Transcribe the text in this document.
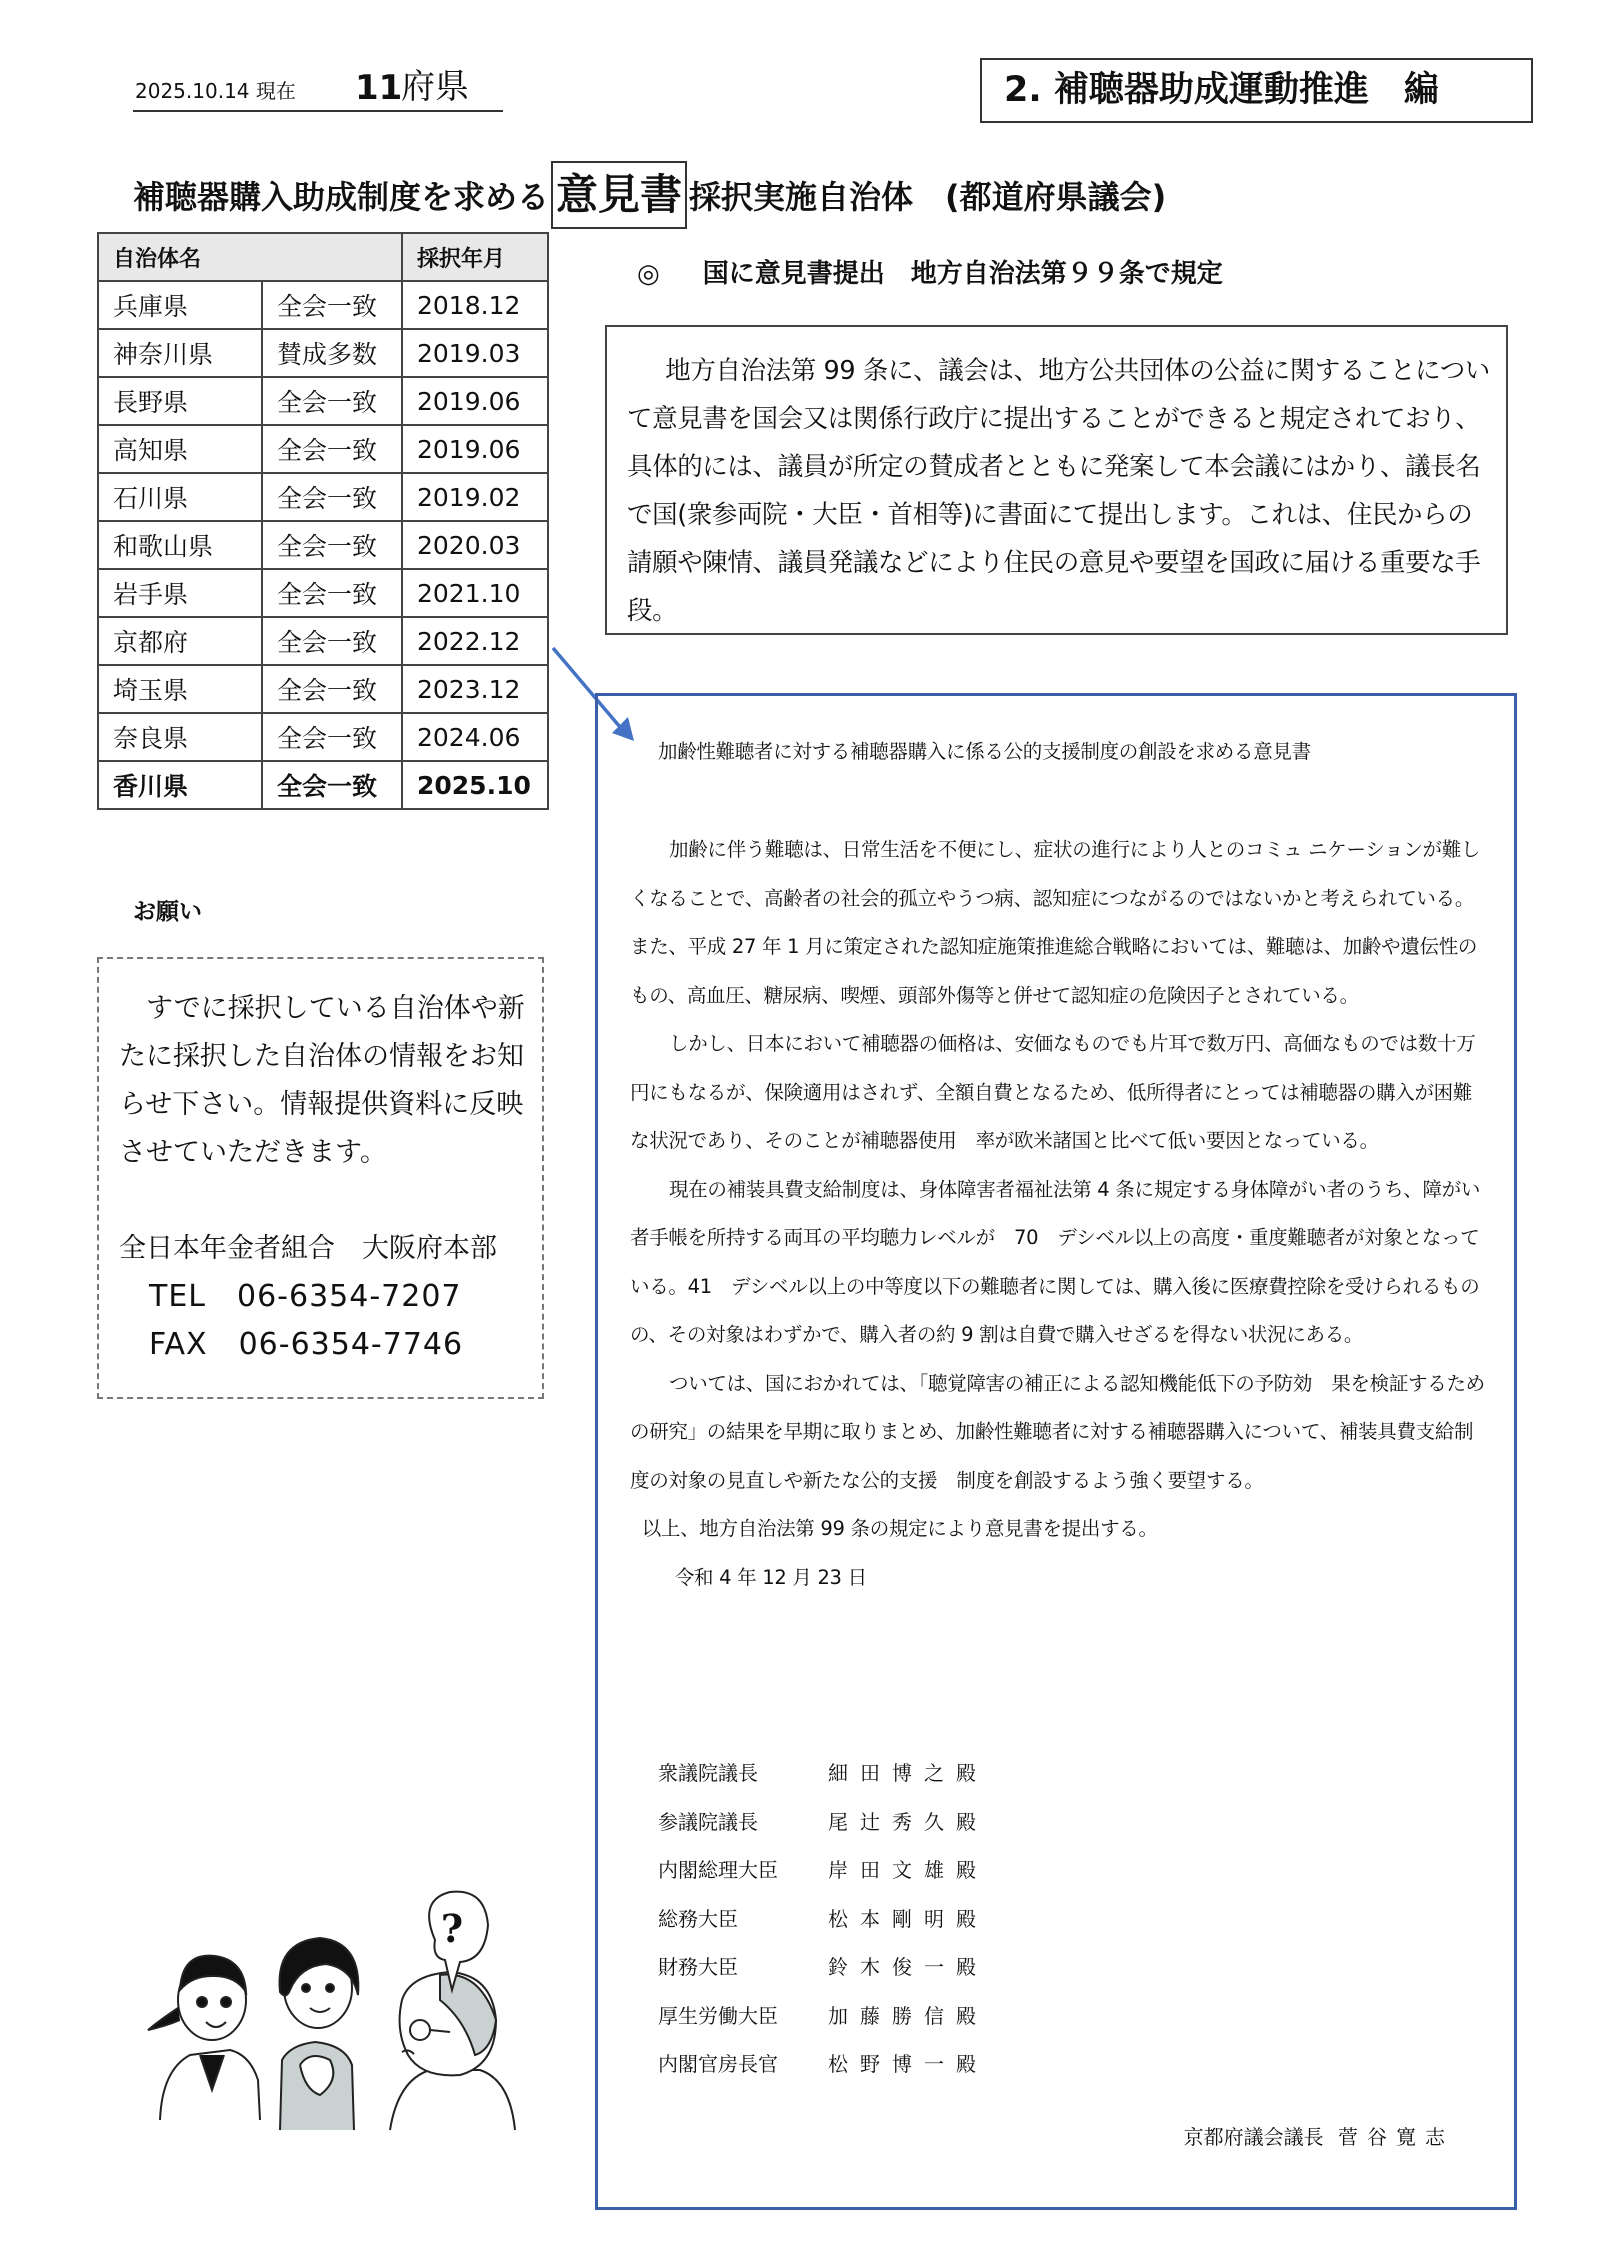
2025.10.14 現在 11
府県	2. 補聴器助成運動推進　編
補聴器購入助成制度を求める 意見書 採択実施自治体　(都道府県議会)
自治体名		採択年月
兵庫県	全会一致	2018.12
神奈川県	賛成多数	2019.03
長野県	全会一致	2019.06
高知県	全会一致	2019.06
石川県	全会一致	2019.02
和歌山県	全会一致	2020.03
岩手県	全会一致	2021.10
京都府	全会一致	2022.12
埼玉県	全会一致	2023.12
奈良県	全会一致	2024.06
香川県	全会一致	2025.10
お願い

すでに採択している自治体や新たに採択した自治体の情報をお知らせ下さい。情報提供資料に反映させていただきます。

全日本年金者組合　大阪府本部

TEL　06-6354-7207

FAX　06-6354-7746

?
◎ 国に意見書提出　地方自治法第９９条で規定

地方自治法第 99 条に、議会は、地方公共団体の公益に関することについて意見書を国会又は関係行政庁に提出することができると規定されており、具体的には、議員が所定の賛成者とともに発案して本会議にはかり、議長名で国(衆参両院・大臣・首相等)に書面にて提出します。これは、住民からの請願や陳情、議員発議などにより住民の意見や要望を国政に届ける重要な手段。

加齢性難聴者に対する補聴器購入に係る公的支援制度の創設を求める意見書

加齢に伴う難聴は、日常生活を不便にし、症状の進行により人とのコミュ ニケーションが難しくなることで、高齢者の社会的孤立やうつ病、認知症につながるのではないかと考えられている。 また、平成 27 年 1 月に策定された認知症施策推進総合戦略においては、難聴は、加齢や遺伝性のもの、高血圧、糖尿病、喫煙、頭部外傷等と併せて認知症の危険因子とされている。

しかし、日本において補聴器の価格は、安価なものでも片耳で数万円、高価なものでは数十万円にもなるが、保険適用はされず、全額自費となるため、低所得者にとっては補聴器の購入が困難な状況であり、そのことが補聴器使用　率が欧米諸国と比べて低い要因となっている。

現在の補装具費支給制度は、身体障害者福祉法第 4 条に規定する身体障がい者のうち、障がい者手帳を所持する両耳の平均聴力レベルが　70　デシベル以上の高度・重度難聴者が対象となっている。41　デシベル以上の中等度以下の難聴者に関しては、購入後に医療費控除を受けられるものの、その対象はわずかで、購入者の約 9 割は自費で購入せざるを得ない状況にある。

ついては、国におかれては、「聴覚障害の補正による認知機能低下の予防効　果を検証するための研究」の結果を早期に取りまとめ、加齢性難聴者に対する補聴器購入について、補装具費支給制度の対象の見直しや新たな公的支援　制度を創設するよう強く要望する。

以上、地方自治法第 99 条の規定により意見書を提出する。

令和 4 年 12 月 23 日

衆議院議長	細田博之殿
参議院議長	尾辻秀久殿
内閣総理大臣	岸田文雄殿
総務大臣	松本剛明殿
財務大臣	鈴木俊一殿
厚生労働大臣	加藤勝信殿
内閣官房長官	松野博一殿
京都府議会議長 菅谷寛志
